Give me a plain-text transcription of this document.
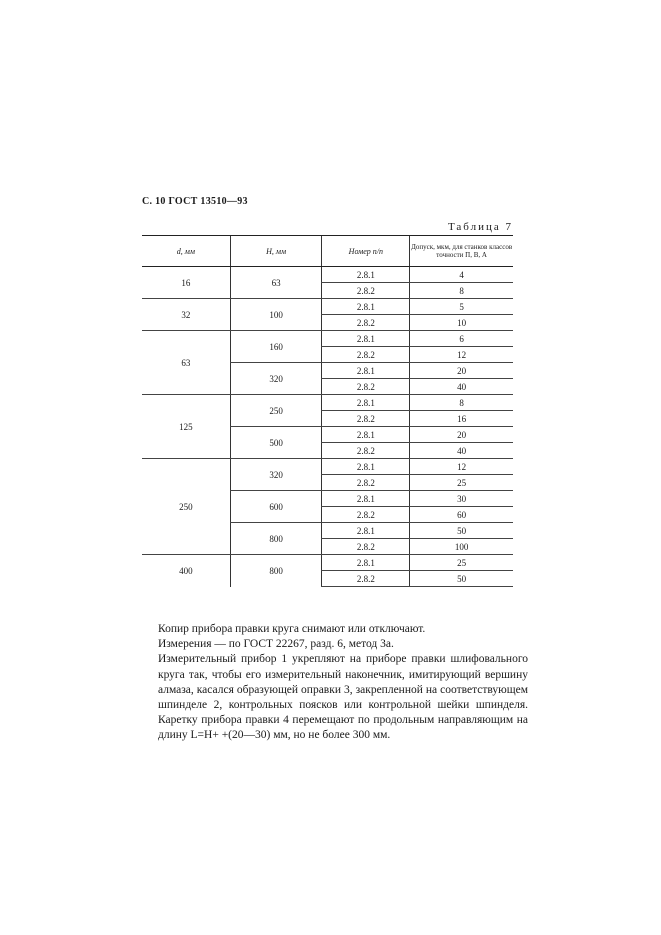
С. 10 ГОСТ 13510—93
Таблица 7
d, мм	H, мм	Номер п/п	Допуск, мкм, для станков классов точности П, В, А
16	63	2.8.1	4
		2.8.2	8
32	100	2.8.1	5
		2.8.2	10
63	160	2.8.1	6
		2.8.2	12
	320	2.8.1	20
		2.8.2	40
125	250	2.8.1	8
		2.8.2	16
	500	2.8.1	20
		2.8.2	40
250	320	2.8.1	12
		2.8.2	25
	600	2.8.1	30
		2.8.2	60
	800	2.8.1	50
		2.8.2	100
400	800	2.8.1	25
		2.8.2	50

Копир прибора правки круга снимают или отключают.

Измерения — по ГОСТ 22267, разд. 6, метод 3а.

Измерительный прибор 1 укрепляют на приборе правки шлифовального круга так, чтобы его измерительный наконечник, имитирующий вершину алмаза, касался образующей оправки 3, закрепленной на соответствующем шпинделе 2, контрольных поясков или контрольной шейки шпинделя. Каретку прибора правки 4 перемещают по продольным направляющим на длину L=H+ +(20—30) мм, но не более 300 мм.
